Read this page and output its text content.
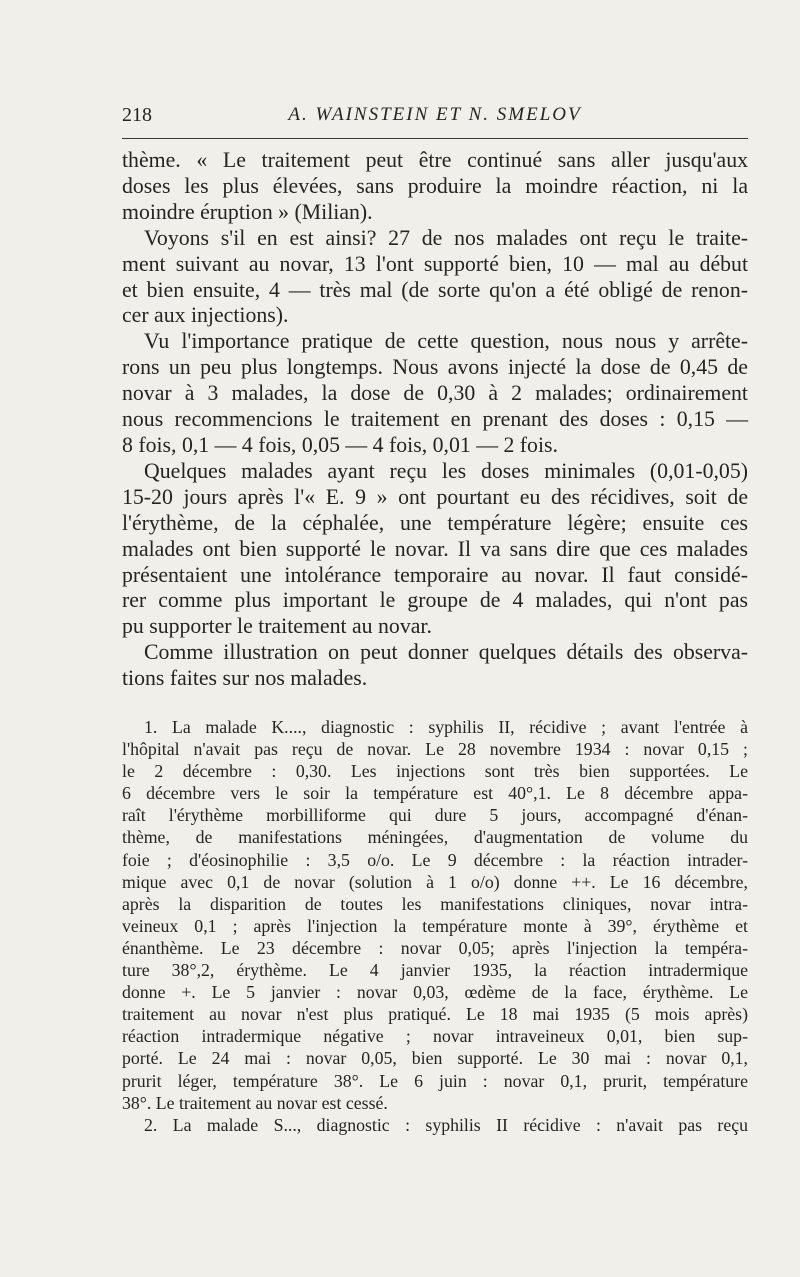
218	A. WAINSTEIN ET N. SMELOV

thème. « Le traitement peut être continué sans aller jusqu'aux

doses les plus élevées, sans produire la moindre réaction, ni la

moindre éruption » (Milian).

Voyons s'il en est ainsi? 27 de nos malades ont reçu le traite-

ment suivant au novar, 13 l'ont supporté bien, 10 — mal au début

et bien ensuite, 4 — très mal (de sorte qu'on a été obligé de renon-

cer aux injections).

Vu l'importance pratique de cette question, nous nous y arrête-

rons un peu plus longtemps. Nous avons injecté la dose de 0,45 de

novar à 3 malades, la dose de 0,30 à 2 malades; ordinairement

nous recommencions le traitement en prenant des doses : 0,15 —

8 fois, 0,1 — 4 fois, 0,05 — 4 fois, 0,01 — 2 fois.

Quelques malades ayant reçu les doses minimales (0,01-0,05)

15-20 jours après l'« E. 9 » ont pourtant eu des récidives, soit de

l'érythème, de la céphalée, une température légère; ensuite ces

malades ont bien supporté le novar. Il va sans dire que ces malades

présentaient une intolérance temporaire au novar. Il faut considé-

rer comme plus important le groupe de 4 malades, qui n'ont pas

pu supporter le traitement au novar.

Comme illustration on peut donner quelques détails des observa-

tions faites sur nos malades.

1. La malade K...., diagnostic : syphilis II, récidive ; avant l'entrée à

l'hôpital n'avait pas reçu de novar. Le 28 novembre 1934 : novar 0,15 ;

le 2 décembre : 0,30. Les injections sont très bien supportées. Le

6 décembre vers le soir la température est 40°,1. Le 8 décembre appa-

raît l'érythème morbilliforme qui dure 5 jours, accompagné d'énan-

thème, de manifestations méningées, d'augmentation de volume du

foie ; d'éosinophilie : 3,5 o/o. Le 9 décembre : la réaction intrader-

mique avec 0,1 de novar (solution à 1 o/o) donne ++. Le 16 décembre,

après la disparition de toutes les manifestations cliniques, novar intra-

veineux 0,1 ; après l'injection la température monte à 39°, érythème et

énanthème. Le 23 décembre : novar 0,05; après l'injection la tempéra-

ture 38°,2, érythème. Le 4 janvier 1935, la réaction intradermique

donne +. Le 5 janvier : novar 0,03, œdème de la face, érythème. Le

traitement au novar n'est plus pratiqué. Le 18 mai 1935 (5 mois après)

réaction intradermique négative ; novar intraveineux 0,01, bien sup-

porté. Le 24 mai : novar 0,05, bien supporté. Le 30 mai : novar 0,1,

prurit léger, température 38°. Le 6 juin : novar 0,1, prurit, température

38°. Le traitement au novar est cessé.

2. La malade S..., diagnostic : syphilis II récidive : n'avait pas reçu
